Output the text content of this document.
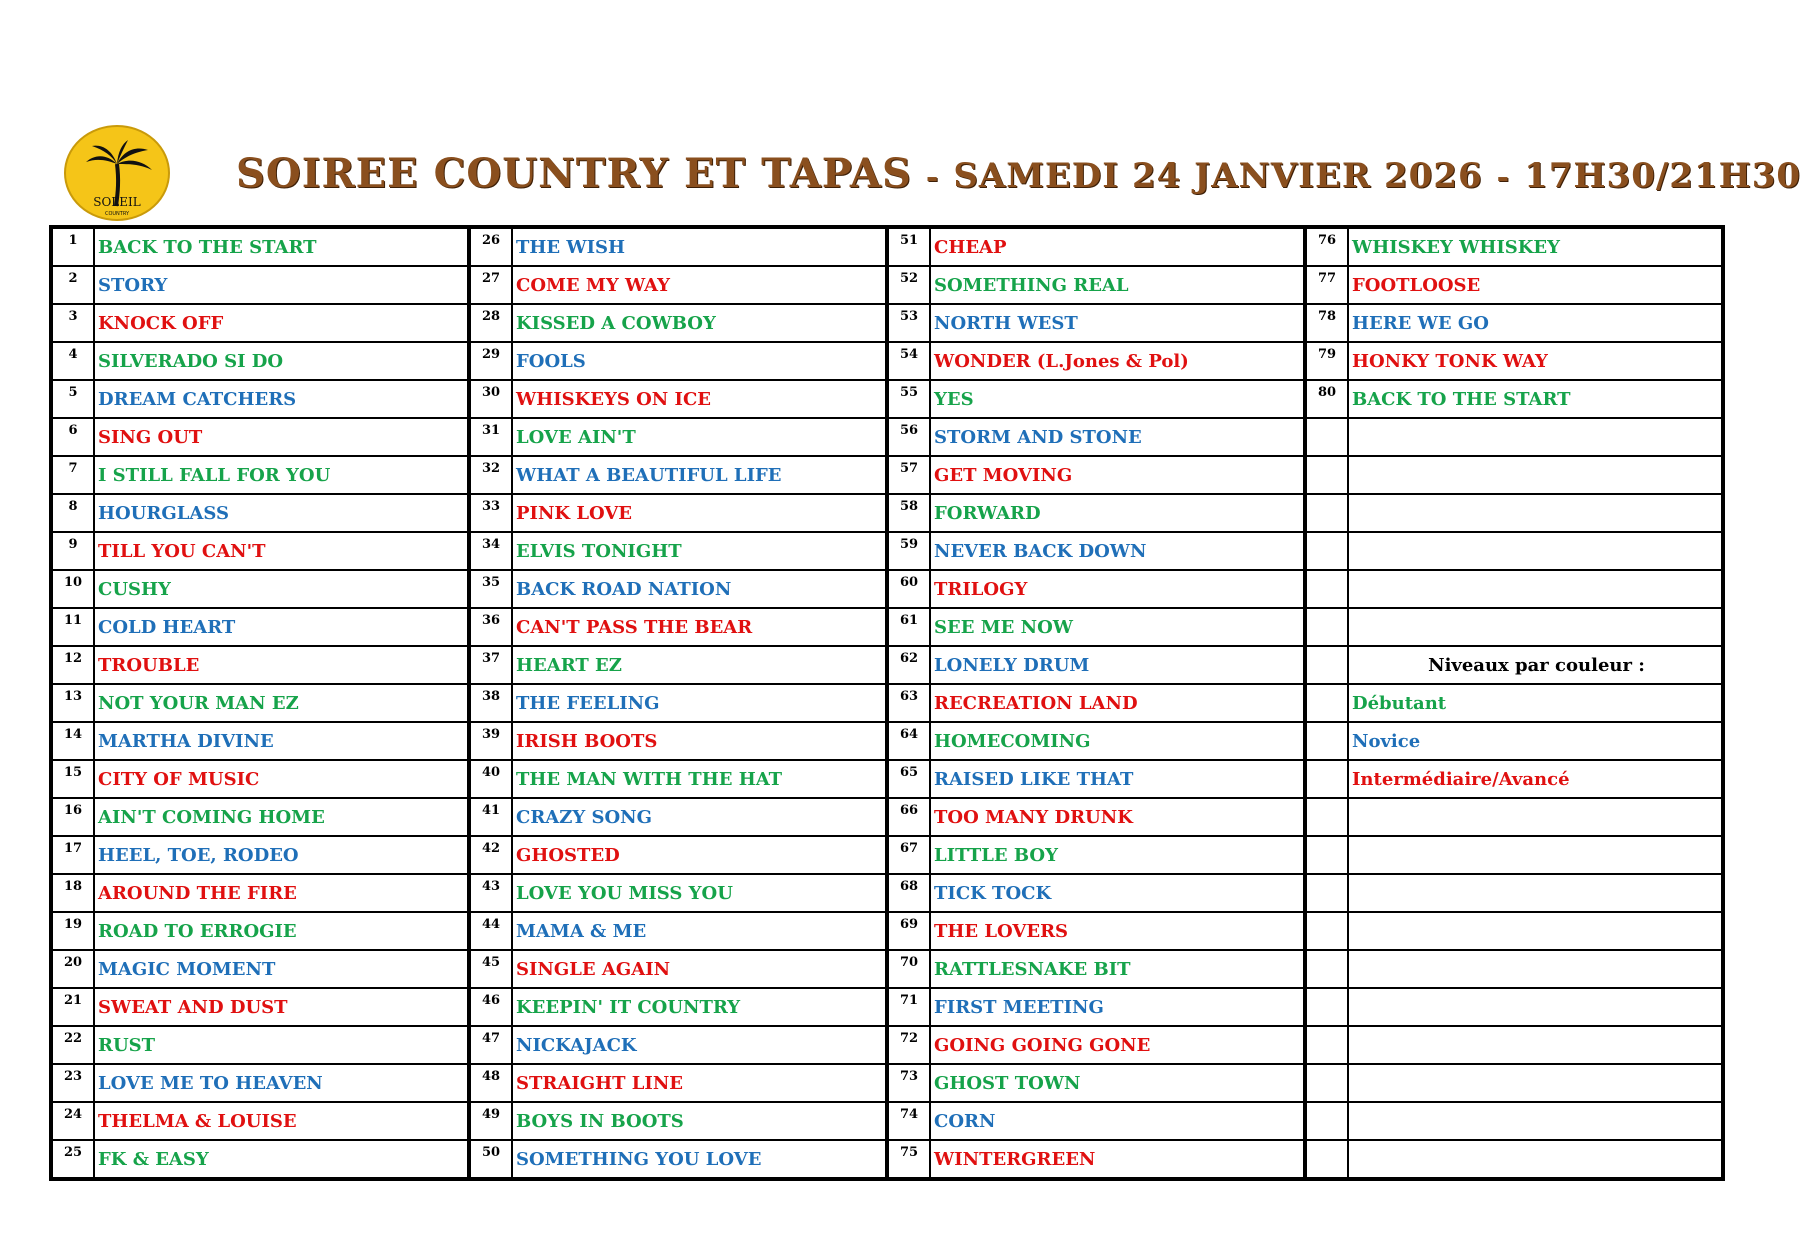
SOLEIL
COUNTRY
SOIREE COUNTRY ET TAPAS - SAMEDI 24 JANVIER 2026 - 17H30/21H30
1	BACK TO THE START	26	THE WISH	51	CHEAP	76	WHISKEY WHISKEY
2	STORY	27	COME MY WAY	52	SOMETHING REAL	77	FOOTLOOSE
3	KNOCK OFF	28	KISSED A COWBOY	53	NORTH WEST	78	HERE WE GO
4	SILVERADO SI DO	29	FOOLS	54	WONDER (L.Jones & Pol)	79	HONKY TONK WAY
5	DREAM CATCHERS	30	WHISKEYS ON ICE	55	YES	80	BACK TO THE START
6	SING OUT	31	LOVE AIN'T	56	STORM AND STONE		
7	I STILL FALL FOR YOU	32	WHAT A BEAUTIFUL LIFE	57	GET MOVING		
8	HOURGLASS	33	PINK LOVE	58	FORWARD		
9	TILL YOU CAN'T	34	ELVIS TONIGHT	59	NEVER BACK DOWN		
10	CUSHY	35	BACK ROAD NATION	60	TRILOGY		
11	COLD HEART	36	CAN'T PASS THE BEAR	61	SEE ME NOW		
12	TROUBLE	37	HEART EZ	62	LONELY DRUM		Niveaux par couleur :
13	NOT YOUR MAN EZ	38	THE FEELING	63	RECREATION LAND		Débutant
14	MARTHA DIVINE	39	IRISH BOOTS	64	HOMECOMING		Novice
15	CITY OF MUSIC	40	THE MAN WITH THE HAT	65	RAISED LIKE THAT		Intermédiaire/Avancé
16	AIN'T COMING HOME	41	CRAZY SONG	66	TOO MANY DRUNK		
17	HEEL, TOE, RODEO	42	GHOSTED	67	LITTLE BOY		
18	AROUND THE FIRE	43	LOVE YOU MISS YOU	68	TICK TOCK		
19	ROAD TO ERROGIE	44	MAMA & ME	69	THE LOVERS		
20	MAGIC MOMENT	45	SINGLE AGAIN	70	RATTLESNAKE BIT		
21	SWEAT AND DUST	46	KEEPIN' IT COUNTRY	71	FIRST MEETING		
22	RUST	47	NICKAJACK	72	GOING GOING GONE		
23	LOVE ME TO HEAVEN	48	STRAIGHT LINE	73	GHOST TOWN		
24	THELMA & LOUISE	49	BOYS IN BOOTS	74	CORN		
25	FK & EASY	50	SOMETHING YOU LOVE	75	WINTERGREEN		
